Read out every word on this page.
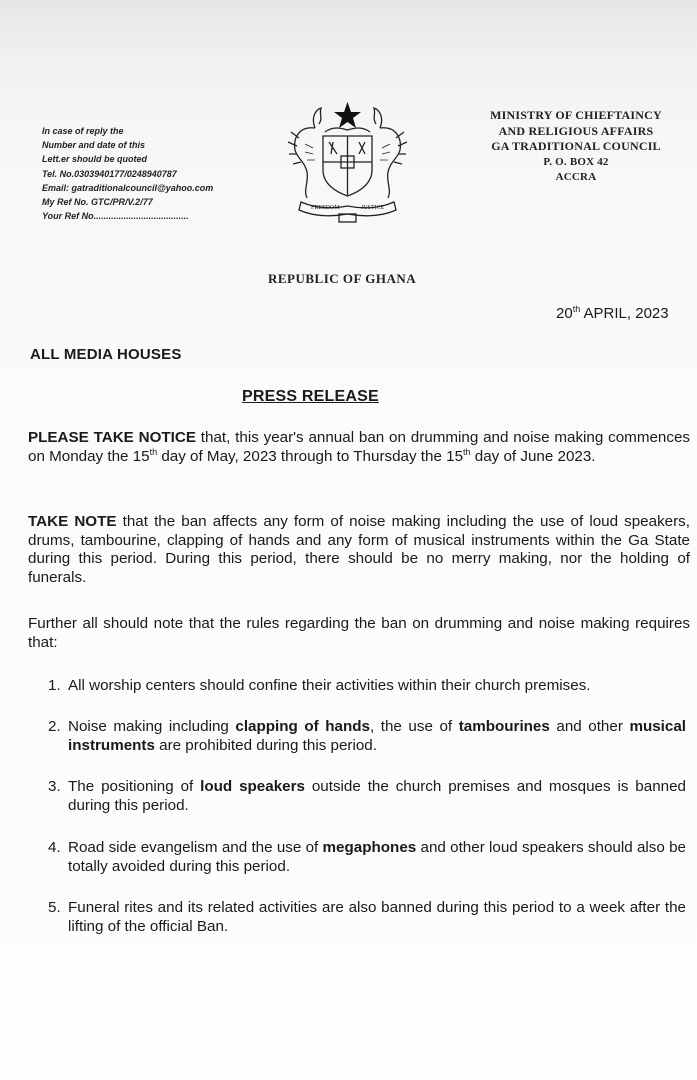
In case of reply the
Number and date of this
Lett.er should be quoted
Tel. No.0303940177/0248940787
Email: gatraditionalcouncil@yahoo.com
My Ref No. GTC/PR/V.2/77
Your Ref No......................................
FREEDOM	JUSTICE
MINISTRY OF CHIEFTAINCY
AND RELIGIOUS AFFAIRS
GA TRADITIONAL COUNCIL
P. O. BOX 42
ACCRA
REPUBLIC OF GHANA
20th APRIL, 2023
ALL MEDIA HOUSES
PRESS RELEASE
PLEASE TAKE NOTICE that, this year's annual ban on drumming and noise making commences on Monday the 15th day of May, 2023 through to Thursday the 15th day of June 2023.
TAKE NOTE that the ban affects any form of noise making including the use of loud speakers, drums, tambourine, clapping of hands and any form of musical instruments within the Ga State during this period. During this period, there should be no merry making, nor the holding of funerals.
Further all should note that the rules regarding the ban on drumming and noise making requires that:
1. All worship centers should confine their activities within their church premises.
2. Noise making including clapping of hands, the use of tambourines and other musical instruments are prohibited during this period.
3. The positioning of loud speakers outside the church premises and mosques is banned during this period.
4. Road side evangelism and the use of megaphones and other loud speakers should also be totally avoided during this period.
5. Funeral rites and its related activities are also banned during this period to a week after the lifting of the official Ban.
